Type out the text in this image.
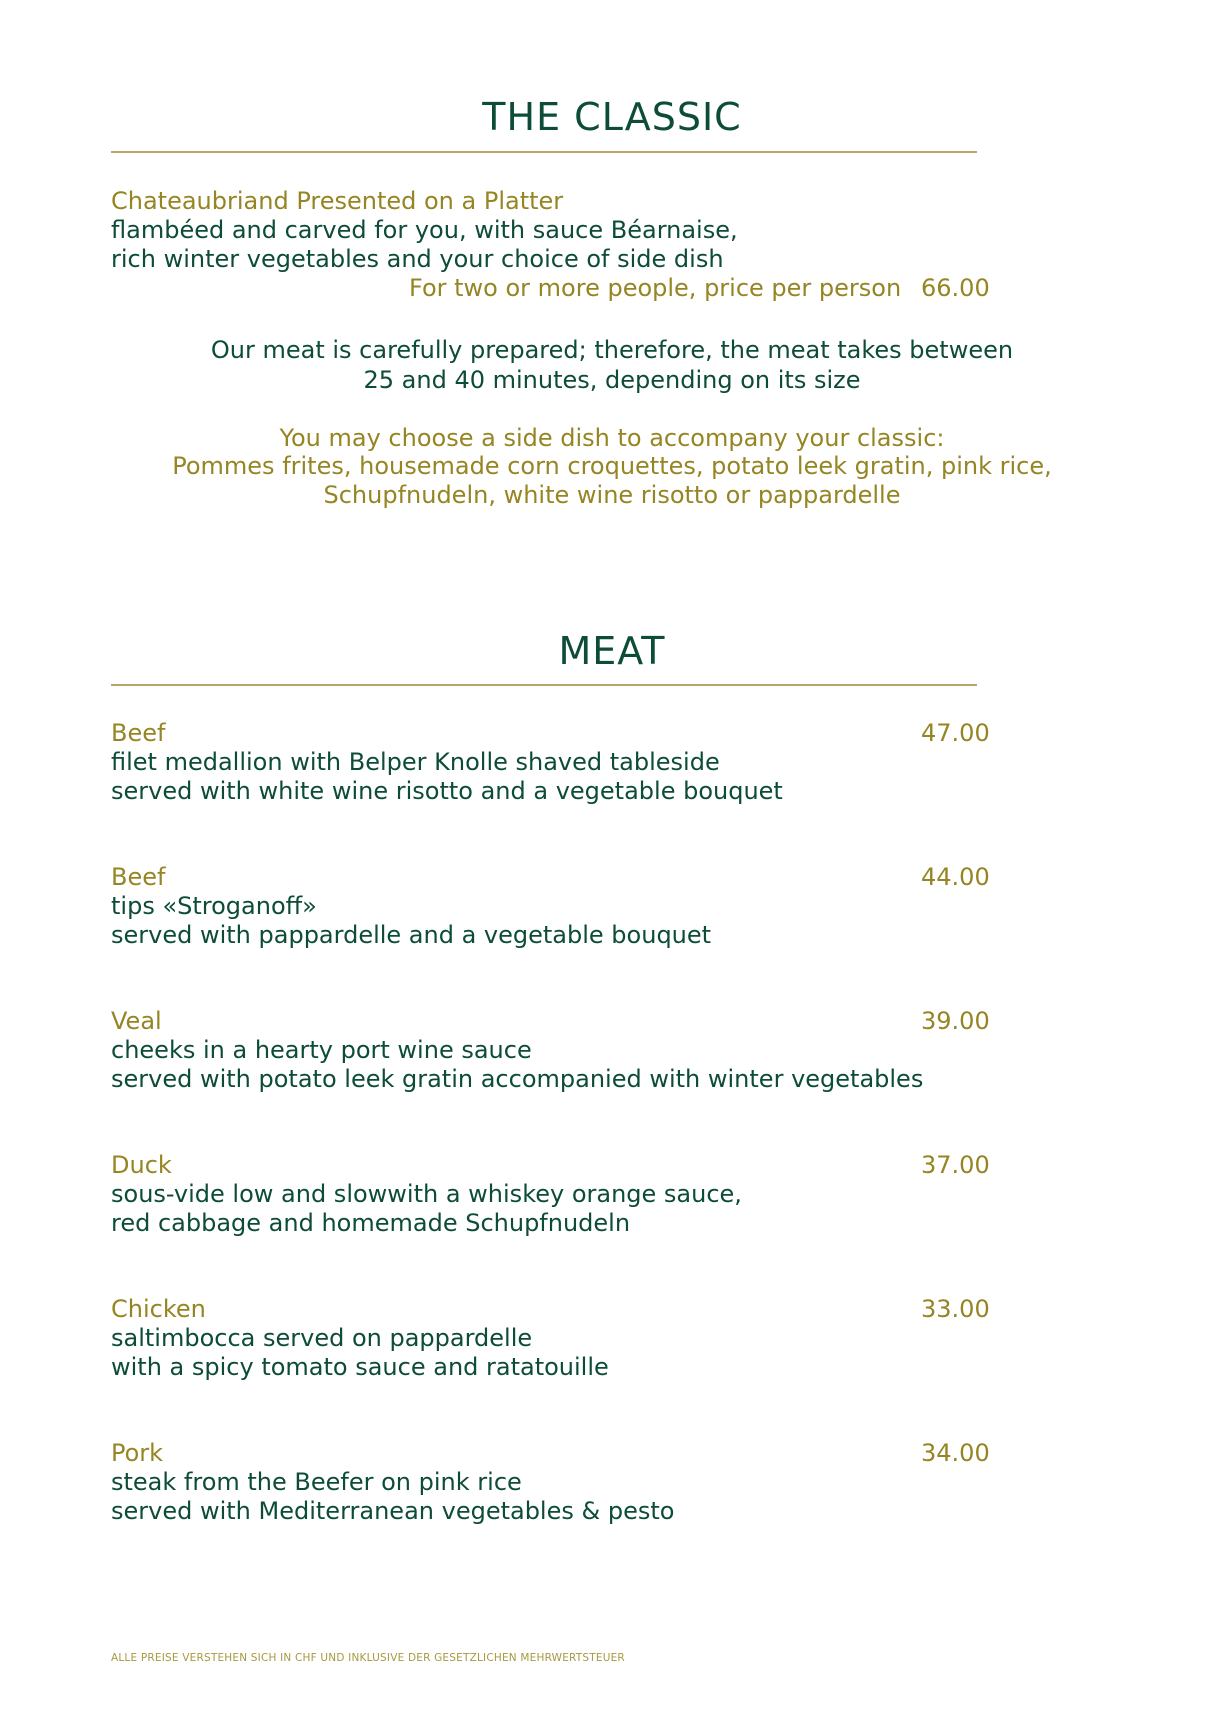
THE CLASSIC

Chateaubriand Presented on a Platter

flambéed and carved for you, with sauce Béarnaise,

rich winter vegetables and your choice of side dish

For two or more people, price per person 66.00

Our meat is carefully prepared; therefore, the meat takes between

25 and 40 minutes, depending on its size

You may choose a side dish to accompany your classic:

Pommes frites, housemade corn croquettes, potato leek gratin, pink rice,

Schupfnudeln, white wine risotto or pappardelle

MEAT

Beef	47.00

filet medallion with Belper Knolle shaved tableside

served with white wine risotto and a vegetable bouquet

Beef	44.00

tips «Stroganoff»

served with pappardelle and a vegetable bouquet

Veal	39.00

cheeks in a hearty port wine sauce

served with potato leek gratin accompanied with winter vegetables

Duck	37.00

sous-vide low and slowwith a whiskey orange sauce,

red cabbage and homemade Schupfnudeln

Chicken	33.00

saltimbocca served on pappardelle

with a spicy tomato sauce and ratatouille

Pork	34.00

steak from the Beefer on pink rice

served with Mediterranean vegetables & pesto

ALLE PREISE VERSTEHEN SICH IN CHF UND INKLUSIVE DER GESETZLICHEN MEHRWERTSTEUER
